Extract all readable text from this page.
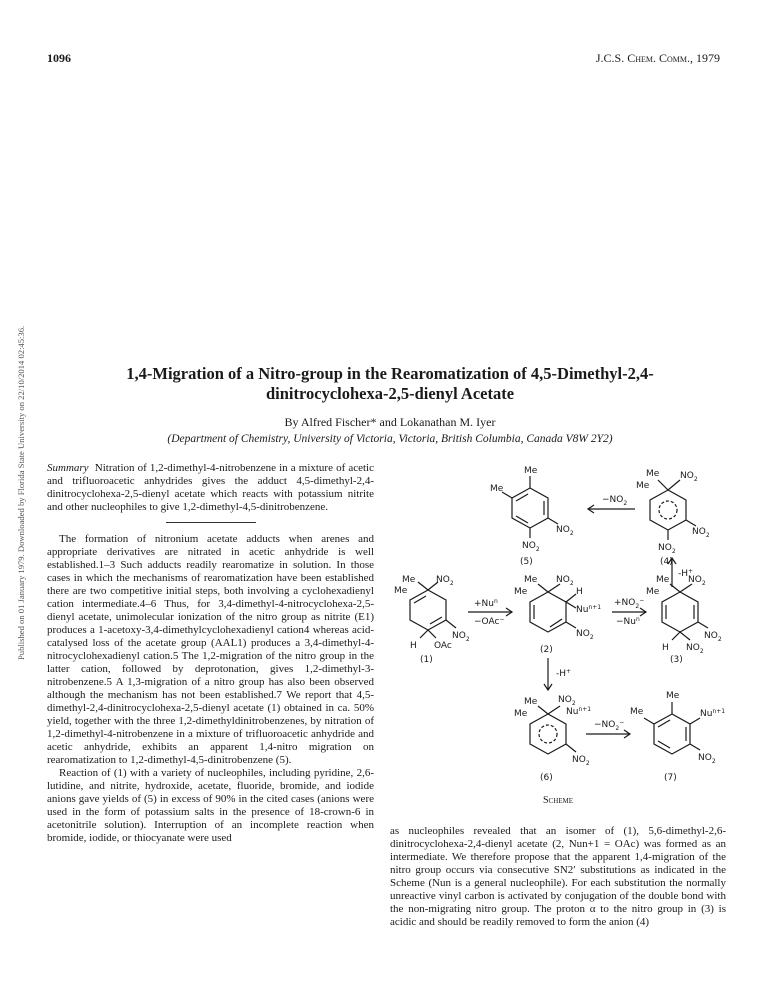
1096	J.C.S. Chem. Comm., 1979
Published on 01 January 1979. Downloaded by Florida State University on 22/10/2014 02:45:36.	1,4-Migration of a Nitro-group in the Rearomatization of 4,5-Dimethyl-2,4-
dinitrocyclohexa-2,5-dienyl Acetate
By Alfred Fischer* and Lokanathan M. Iyer
(Department of Chemistry, University of Victoria, Victoria, British Columbia, Canada V8W 2Y2)

Summary Nitration of 1,2-dimethyl-4-nitrobenzene in a mixture of acetic and trifluoroacetic anhydrides gives the adduct 4,5-dimethyl-2,4-dinitrocyclohexa-2,5-dienyl acetate which reacts with potassium nitrite and other nucleophiles to give 1,2-dimethyl-4,5-dinitrobenzene.

The formation of nitronium acetate adducts when arenes and appropriate derivatives are nitrated in acetic anhydride is well established.1–3 Such adducts readily rearomatize in solution. In those cases in which the mechanisms of rearomatization have been established there are two competitive initial steps, both involving a cyclohexadienyl cation intermediate.4–6 Thus, for 3,4-dimethyl-4-nitrocyclohexa-2,5-dienyl acetate, unimolecular ionization of the nitro group as nitrite (E1) produces a 1-acetoxy-3,4-dimethylcyclohexadienyl cation4 whereas acid-catalysed loss of the acetate group (AAL1) produces a 3,4-dimethyl-4-nitrocyclohexadienyl cation.5 The 1,2-migration of the nitro group in the latter cation, followed by deprotonation, gives 1,2-dimethyl-3-nitrobenzene.5 A 1,3-migration of a nitro group has also been observed although the mechanism has not been established.7 We report that 4,5-dimethyl-2,4-dinitrocyclohexa-2,5-dienyl acetate (1) obtained in ca. 50% yield, together with the three 1,2-dimethyldinitrobenzenes, by nitration of 1,2-dimethyl-4-nitrobenzene in a mixture of trifluoroacetic anhydride and acetic anhydride, exhibits an apparent 1,4-nitro migration on rearomatization to 1,2-dimethyl-4,5-dinitrobenzene (5).

Reaction of (1) with a variety of nucleophiles, including pyridine, 2,6-lutidine, and nitrite, hydroxide, acetate, fluoride, bromide, and iodide anions gave yields of (5) in excess of 90% in the cited cases (anions were used in the form of potassium salts in the presence of 18-crown-6 in acetonitrile solution). Interruption of an incomplete reaction when bromide, iodide, or thiocyanate were used

Me
Me
$NO_2$
$NO_2$
(5)
$-NO_2$
Me
Me
$NO_2$
$NO_2$
$NO_2$
(4)
-H+
Me
Me
$NO_2$
$NO_2$
H OAc
(1)
$+Nu^n$
−OAc−
Me
Me
$NO_2$
H
$Nu^{n+1}$
$NO_2$
(2)
$+NO_2^-$
$-Nu^n$
Me
Me
$NO_2$
$NO_2$
H $NO_2$
(3)
-H+
Me
Me
$NO_2$
$Nu^{n+1}$
$NO_2$
(6)
$-NO_2^-$
Me
Me	$Nu^{n+1}$
$NO_2$
(7)
Scheme

as nucleophiles revealed that an isomer of (1), 5,6-dimethyl-2,6-dinitrocyclohexa-2,4-dienyl acetate (2, Nun+1 = OAc) was formed as an intermediate. We therefore propose that the apparent 1,4-migration of the nitro group occurs via consecutive SN2′ substitutions as indicated in the Scheme (Nun is a general nucleophile). For each substitution the normally unreactive vinyl carbon is activated by conjugation of the double bond with the non-migrating nitro group. The proton α to the nitro group in (3) is acidic and should be readily removed to form the anion (4)
